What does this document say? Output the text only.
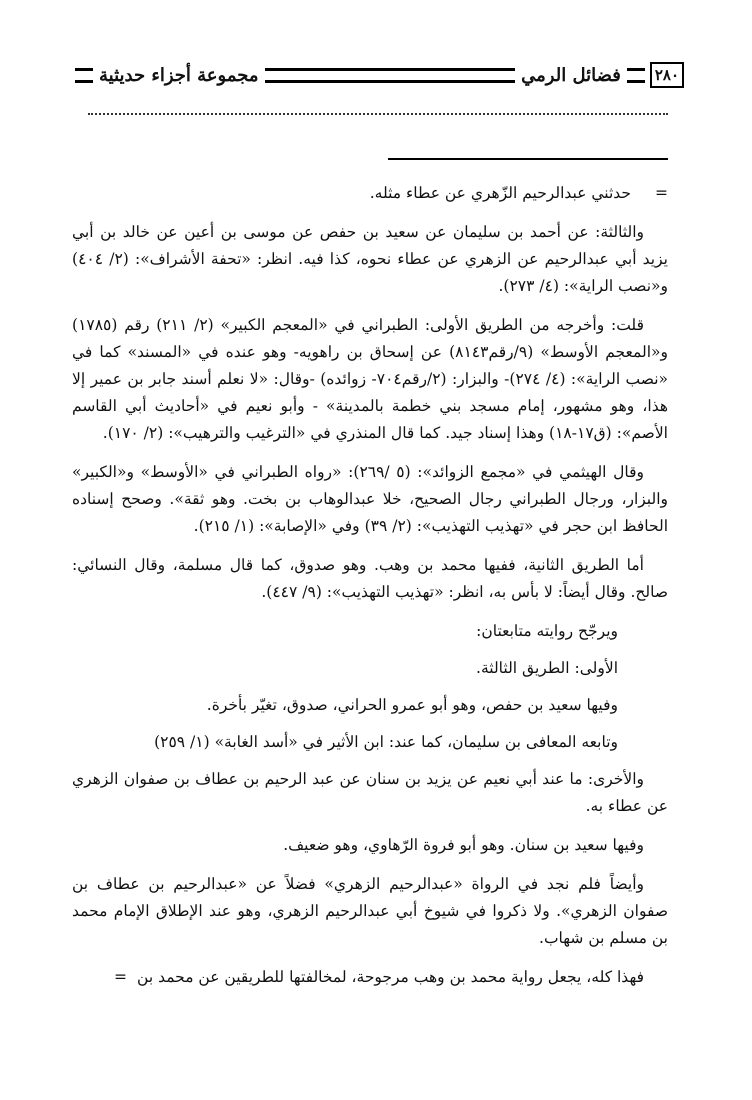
٢٨٠
فضائل الرمي
مجموعة أجزاء حديثية

=حدثني عبدالرحيم الزّهري عن عطاء مثله.

والثالثة: عن أحمد بن سليمان عن سعيد بن حفص عن موسى بن أعين عن خالد بن أبي يزيد أبي عبدالرحيم عن الزهري عن عطاء نحوه، كذا فيه. انظر: «تحفة الأشراف»: (٢/ ٤٠٤) و«نصب الراية»: (٤/ ٢٧٣).

قلت: وأخرجه من الطريق الأولى: الطبراني في «المعجم الكبير» (٢/ ٢١١) رقم (١٧٨٥) و«المعجم الأوسط» (٩/رقم٨١٤٣) عن إسحاق بن راهويه- وهو عنده في «المسند» كما في «نصب الراية»: (٤/ ٢٧٤)- والبزار: (٢/رقم٧٠٤- زوائده) -وقال: «لا نعلم أسند جابر بن عمير إلا هذا، وهو مشهور، إمام مسجد بني خطمة بالمدينة» - وأبو نعيم في «أحاديث أبي القاسم الأصم»: (ق١٧-١٨) وهذا إسناد جيد. كما قال المنذري في «الترغيب والترهيب»: (٢/ ١٧٠).

وقال الهيثمي في «مجمع الزوائد»: (٥ /٢٦٩): «رواه الطبراني في «الأوسط» و«الكبير» والبزار، ورجال الطبراني رجال الصحيح، خلا عبدالوهاب بن بخت. وهو ثقة». وصحح إسناده الحافظ ابن حجر في «تهذيب التهذيب»: (٢/ ٣٩) وفي «الإصابة»: (١/ ٢١٥).

أما الطريق الثانية، ففيها محمد بن وهب. وهو صدوق، كما قال مسلمة، وقال النسائي: صالح. وقال أيضاً: لا بأس به، انظر: «تهذيب التهذيب»: (٩/ ٤٤٧).

ويرجّح روايته متابعتان:

الأولى: الطريق الثالثة.

وفيها سعيد بن حفص، وهو أبو عمرو الحراني، صدوق، تغيّر بأخرة.

وتابعه المعافى بن سليمان، كما عند: ابن الأثير في «أسد الغابة» (١/ ٢٥٩)

والأخرى: ما عند أبي نعيم عن يزيد بن سنان عن عبد الرحيم بن عطاف بن صفوان الزهري عن عطاء به.

وفيها سعيد بن سنان. وهو أبو فروة الرّهاوي، وهو ضعيف.

وأيضاً فلم نجد في الرواة «عبدالرحيم الزهري» فضلاً عن «عبدالرحيم بن عطاف بن صفوان الزهري». ولا ذكروا في شيوخ أبي عبدالرحيم الزهري، وهو عند الإطلاق الإمام محمد بن مسلم بن شهاب.

فهذا كله، يجعل رواية محمد بن وهب مرجوحة، لمخالفتها للطريقين عن محمد بن=
